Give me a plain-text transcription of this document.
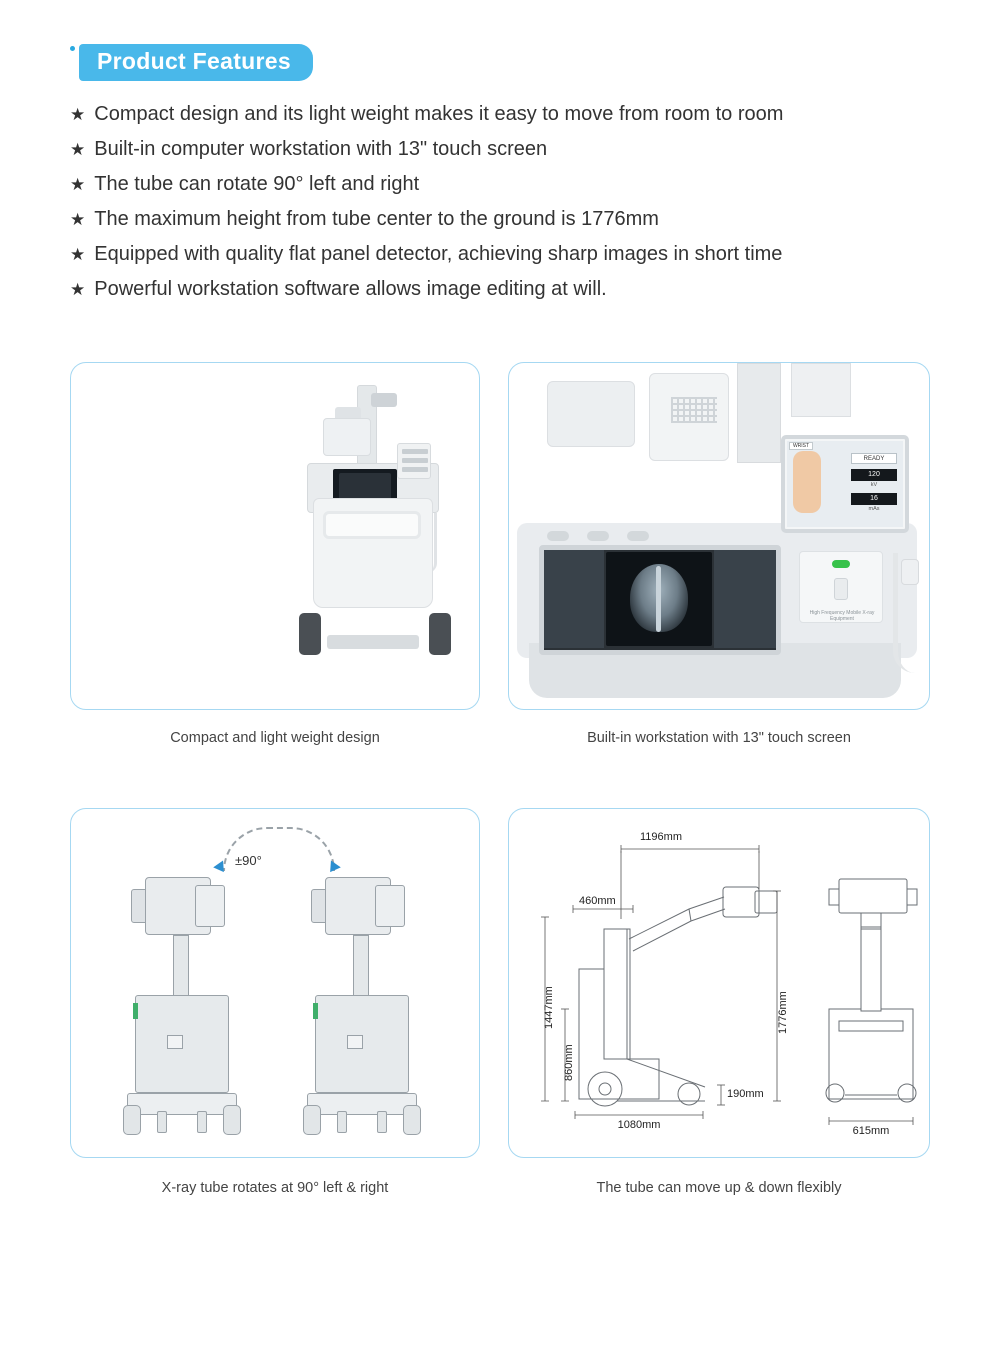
Product Features
★ Compact design and its light weight makes it easy to move from room to room
★ Built-in computer workstation with 13" touch screen
★ The tube can rotate 90° left and right
★ The maximum height from tube center to the ground is 1776mm
★ Equipped with quality flat panel detector, achieving sharp images in short time
★ Powerful workstation software allows image editing at will.
Compact and light weight design
READY
120
kV
16
mAs
WRIST
High Frequency Mobile X-ray Equipment
Built-in workstation with 13" touch screen
±90°
X-ray tube rotates at 90° left & right
1196mm
460mm
1776mm
1447mm
860mm
190mm
1080mm	615mm
The tube can move up & down flexibly
